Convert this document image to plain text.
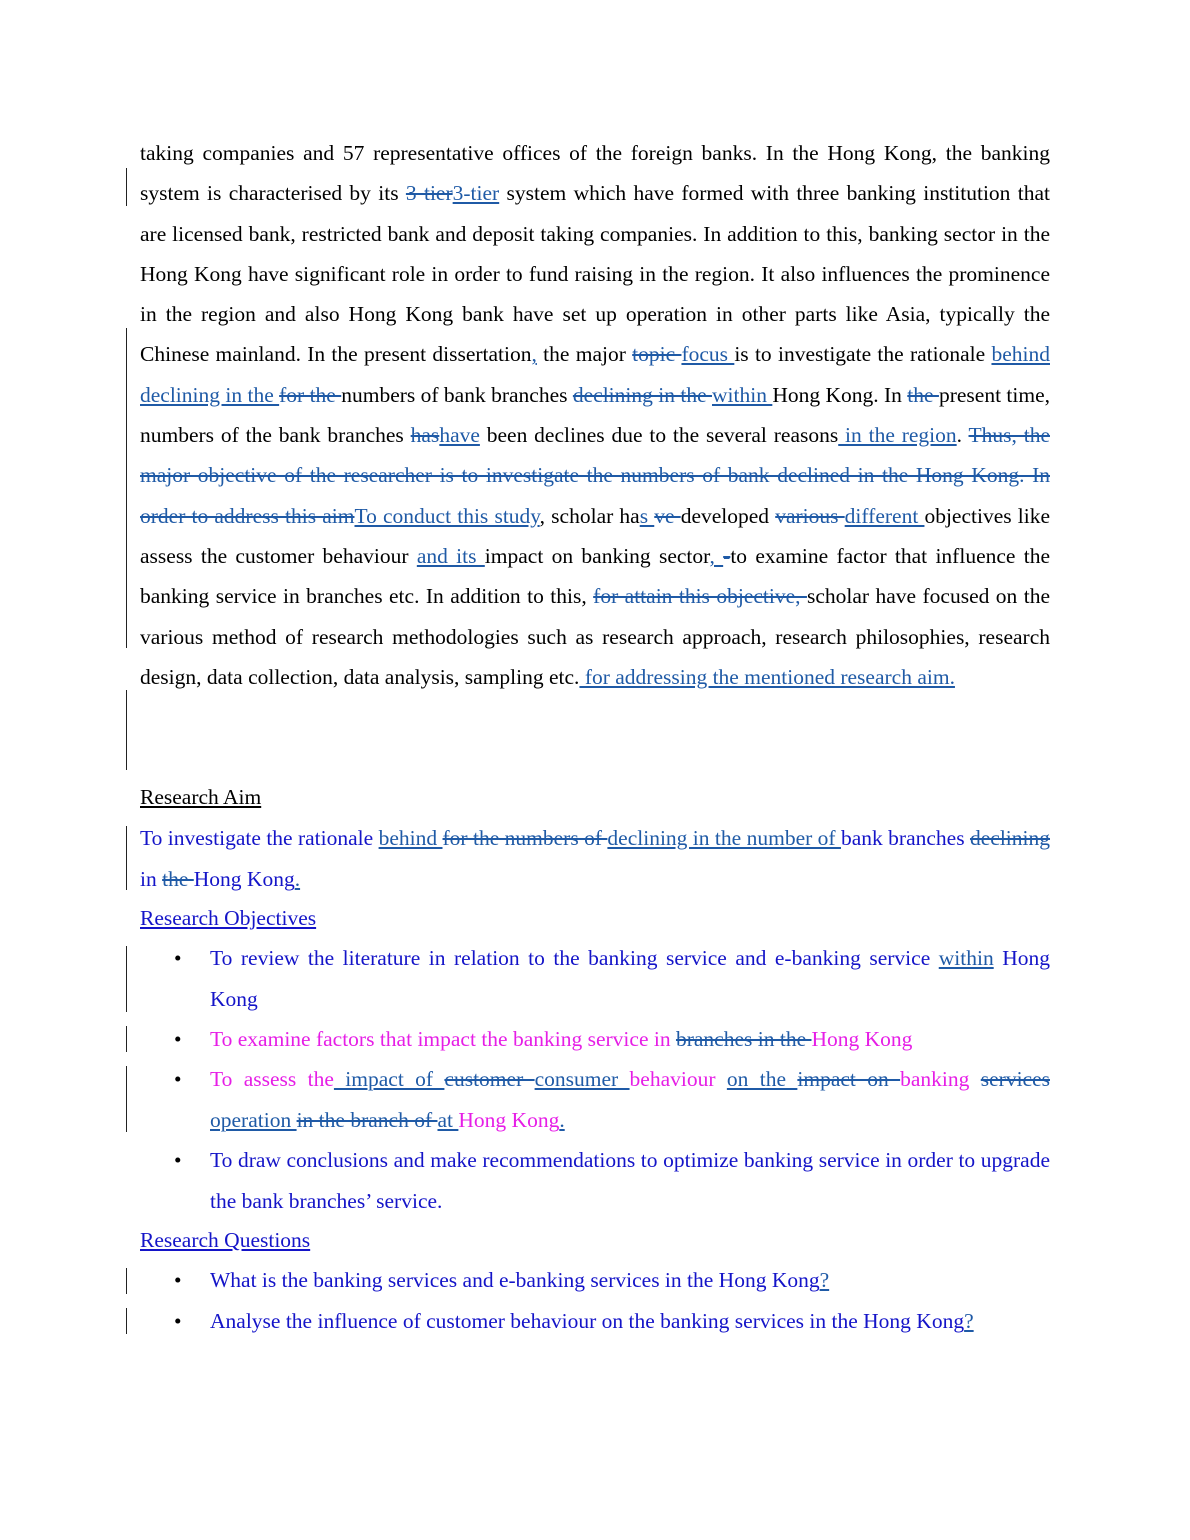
taking companies and 57 representative offices of the foreign banks. In the Hong Kong, the banking system is characterised by its 3 tier3-tier system which have formed with three banking institution that are licensed bank, restricted bank and deposit taking companies. In addition to this, banking sector in the Hong Kong have significant role in order to fund raising in the region. It also influences the prominence in the region and also Hong Kong bank have set up operation in other parts like Asia, typically the Chinese mainland. In the present dissertation, the major topic focus is to investigate the rationale behind declining in the for the numbers of bank branches declining in the within Hong Kong. In the present time, numbers of the bank branches hashave been declines due to the several reasons in the region. Thus, the major objective of the researcher is to investigate the numbers of bank declined in the Hong Kong. In order to address this aimTo conduct this study, scholar has ve developed various different objectives like assess the customer behaviour and its impact on banking sector, -to examine factor that influence the banking service in branches etc. In addition to this, for attain this objective, scholar have focused on the various method of research methodologies such as research approach, research philosophies, research design, data collection, data analysis, sampling etc. for addressing the mentioned research aim.
Research Aim
To investigate the rationale behind for the numbers of declining in the number of bank branches declining in the Hong Kong.
Research Objectives
• To review the literature in relation to the banking service and e-banking service within Hong Kong
• To examine factors that impact the banking service in branches in the Hong Kong
• To assess the impact of customer consumer behaviour on the impact on banking services operation in the branch of at Hong Kong.
• To draw conclusions and make recommendations to optimize banking service in order to upgrade the bank branches’ service.
Research Questions
• What is the banking services and e-banking services in the Hong Kong?
• Analyse the influence of customer behaviour on the banking services in the Hong Kong?
